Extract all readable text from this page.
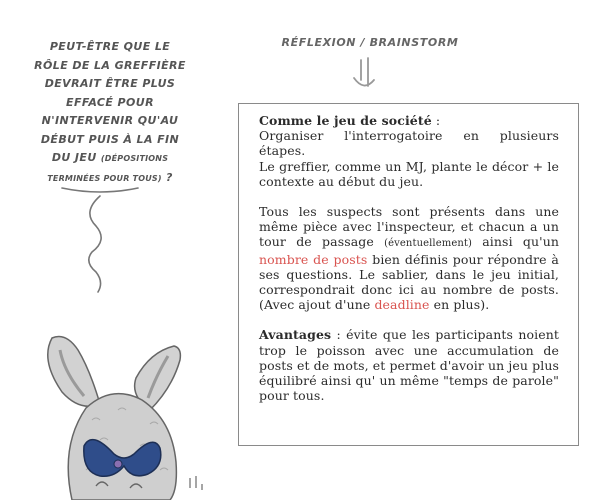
PEUT-ÊTRE QUE LE
RÔLE DE LA GREFFIÈRE
DEVRAIT ÊTRE PLUS
EFFACÉ POUR
N'INTERVENIR QU'AU
DÉBUT PUIS À LA FIN
DU JEU (DÉPOSITIONS TERMINÉES POUR TOUS) ?
RÉFLEXION / BRAINSTORM

Comme le jeu de société :
Organiser l'interrogatoire en plusieurs étapes.
Le greffier, comme un MJ, plante le décor + le contexte au début du jeu.

Tous les suspects sont présents dans une même pièce avec l'inspecteur, et chacun a un tour de passage (éventuellement) ainsi qu'un nombre de posts bien définis pour répondre à ses questions. Le sablier, dans le jeu initial, correspondrait donc ici au nombre de posts. (Avec ajout d'une deadline en plus).

Avantages : évite que les participants noient trop le poisson avec une accumulation de posts et de mots, et permet d'avoir un jeu plus équilibré ainsi qu' un même "temps de parole" pour tous.
